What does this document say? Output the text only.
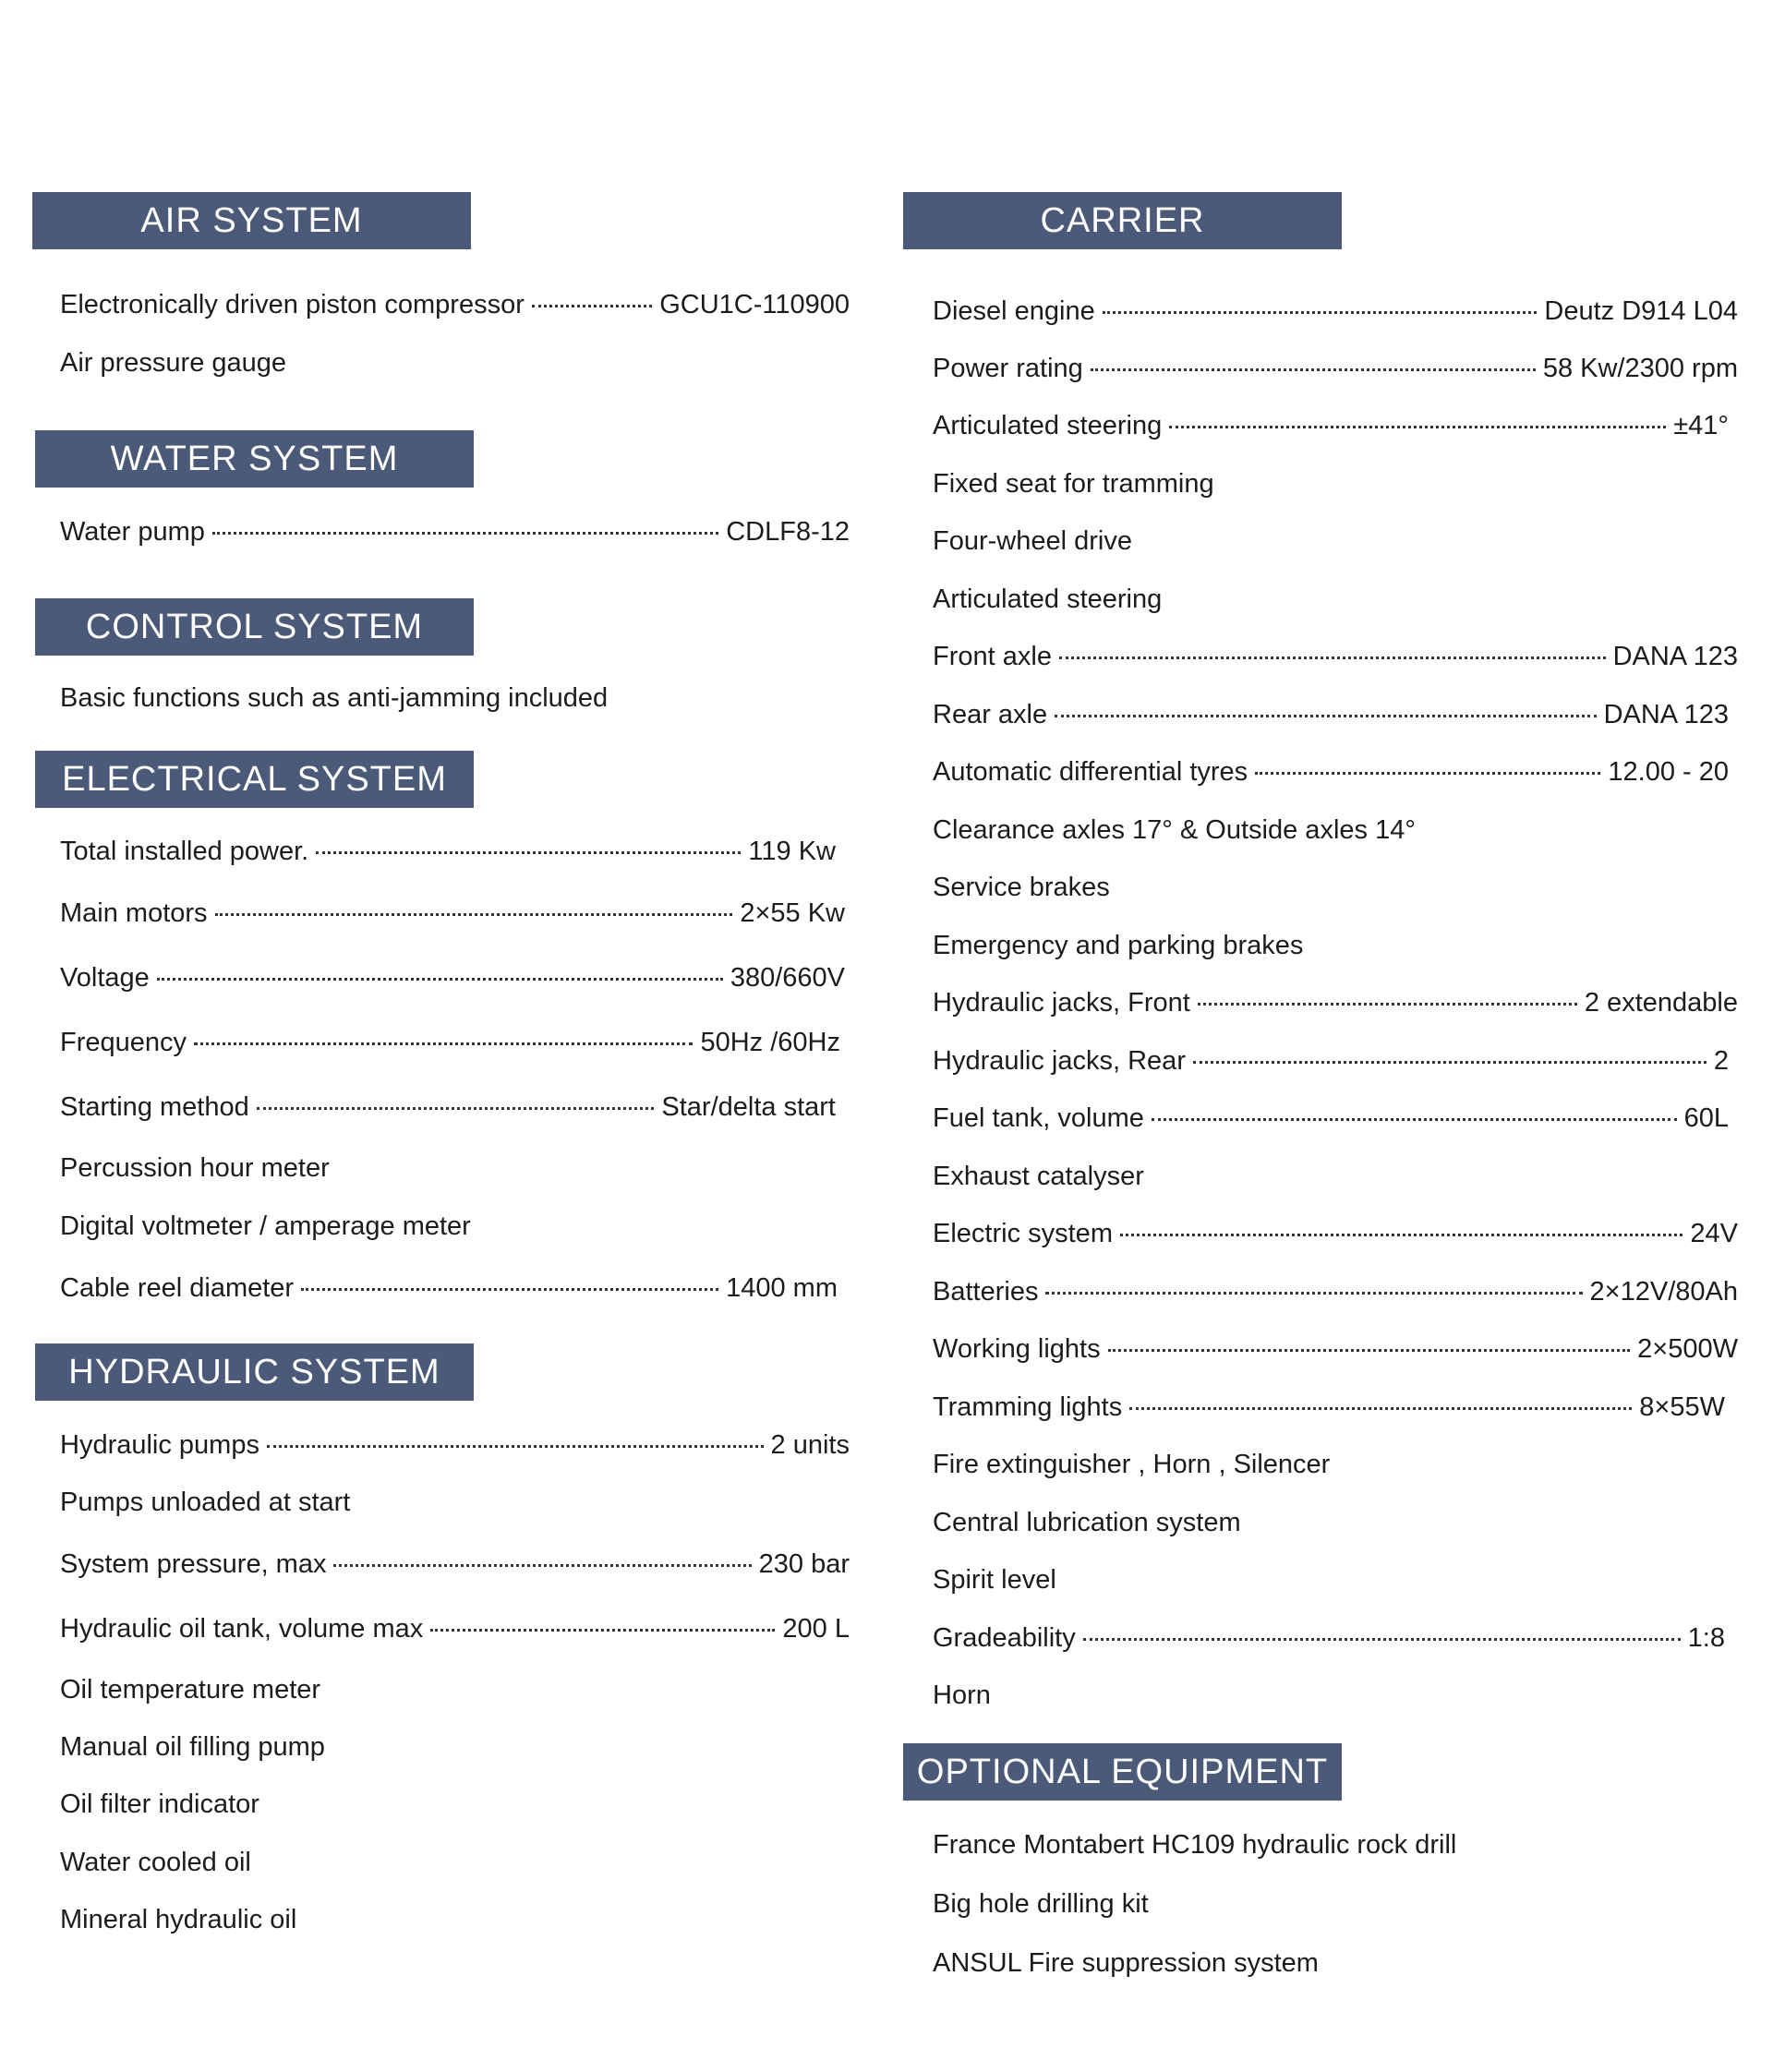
AIR SYSTEM
WATER SYSTEM
CONTROL SYSTEM
ELECTRICAL SYSTEM
HYDRAULIC SYSTEM
CARRIER
OPTIONAL EQUIPMENT
Electronically driven piston compressor	GCU1C-110900
Air pressure gauge
Water pump	CDLF8-12
Basic functions such as anti-jamming included
Total installed power.	119 Kw
Main motors	2×55 Kw
Voltage	380/660V
Frequency	50Hz /60Hz
Starting method	Star/delta start
Percussion hour meter
Digital voltmeter / amperage meter
Cable reel diameter	1400 mm
Hydraulic pumps	2 units
Pumps unloaded at start
System pressure, max	230 bar
Hydraulic oil tank, volume max	200 L
Oil temperature meter
Manual oil filling pump
Oil filter indicator
Water cooled oil
Mineral hydraulic oil
Diesel engine	Deutz D914 L04
Power rating	58 Kw/2300 rpm
Articulated steering	±41°
Fixed seat for tramming
Four-wheel drive
Articulated steering
Front axle	DANA 123
Rear axle	DANA 123
Automatic differential tyres	12.00 - 20
Clearance axles 17° & Outside axles 14°
Service brakes
Emergency and parking brakes
Hydraulic jacks, Front	2 extendable
Hydraulic jacks, Rear	2
Fuel tank, volume	60L
Exhaust catalyser
Electric system	24V
Batteries	2×12V/80Ah
Working lights	2×500W
Tramming lights	8×55W
Fire extinguisher , Horn , Silencer
Central lubrication system
Spirit level
Gradeability	1:8
Horn
France Montabert HC109 hydraulic rock drill
Big hole drilling kit
ANSUL Fire suppression system
